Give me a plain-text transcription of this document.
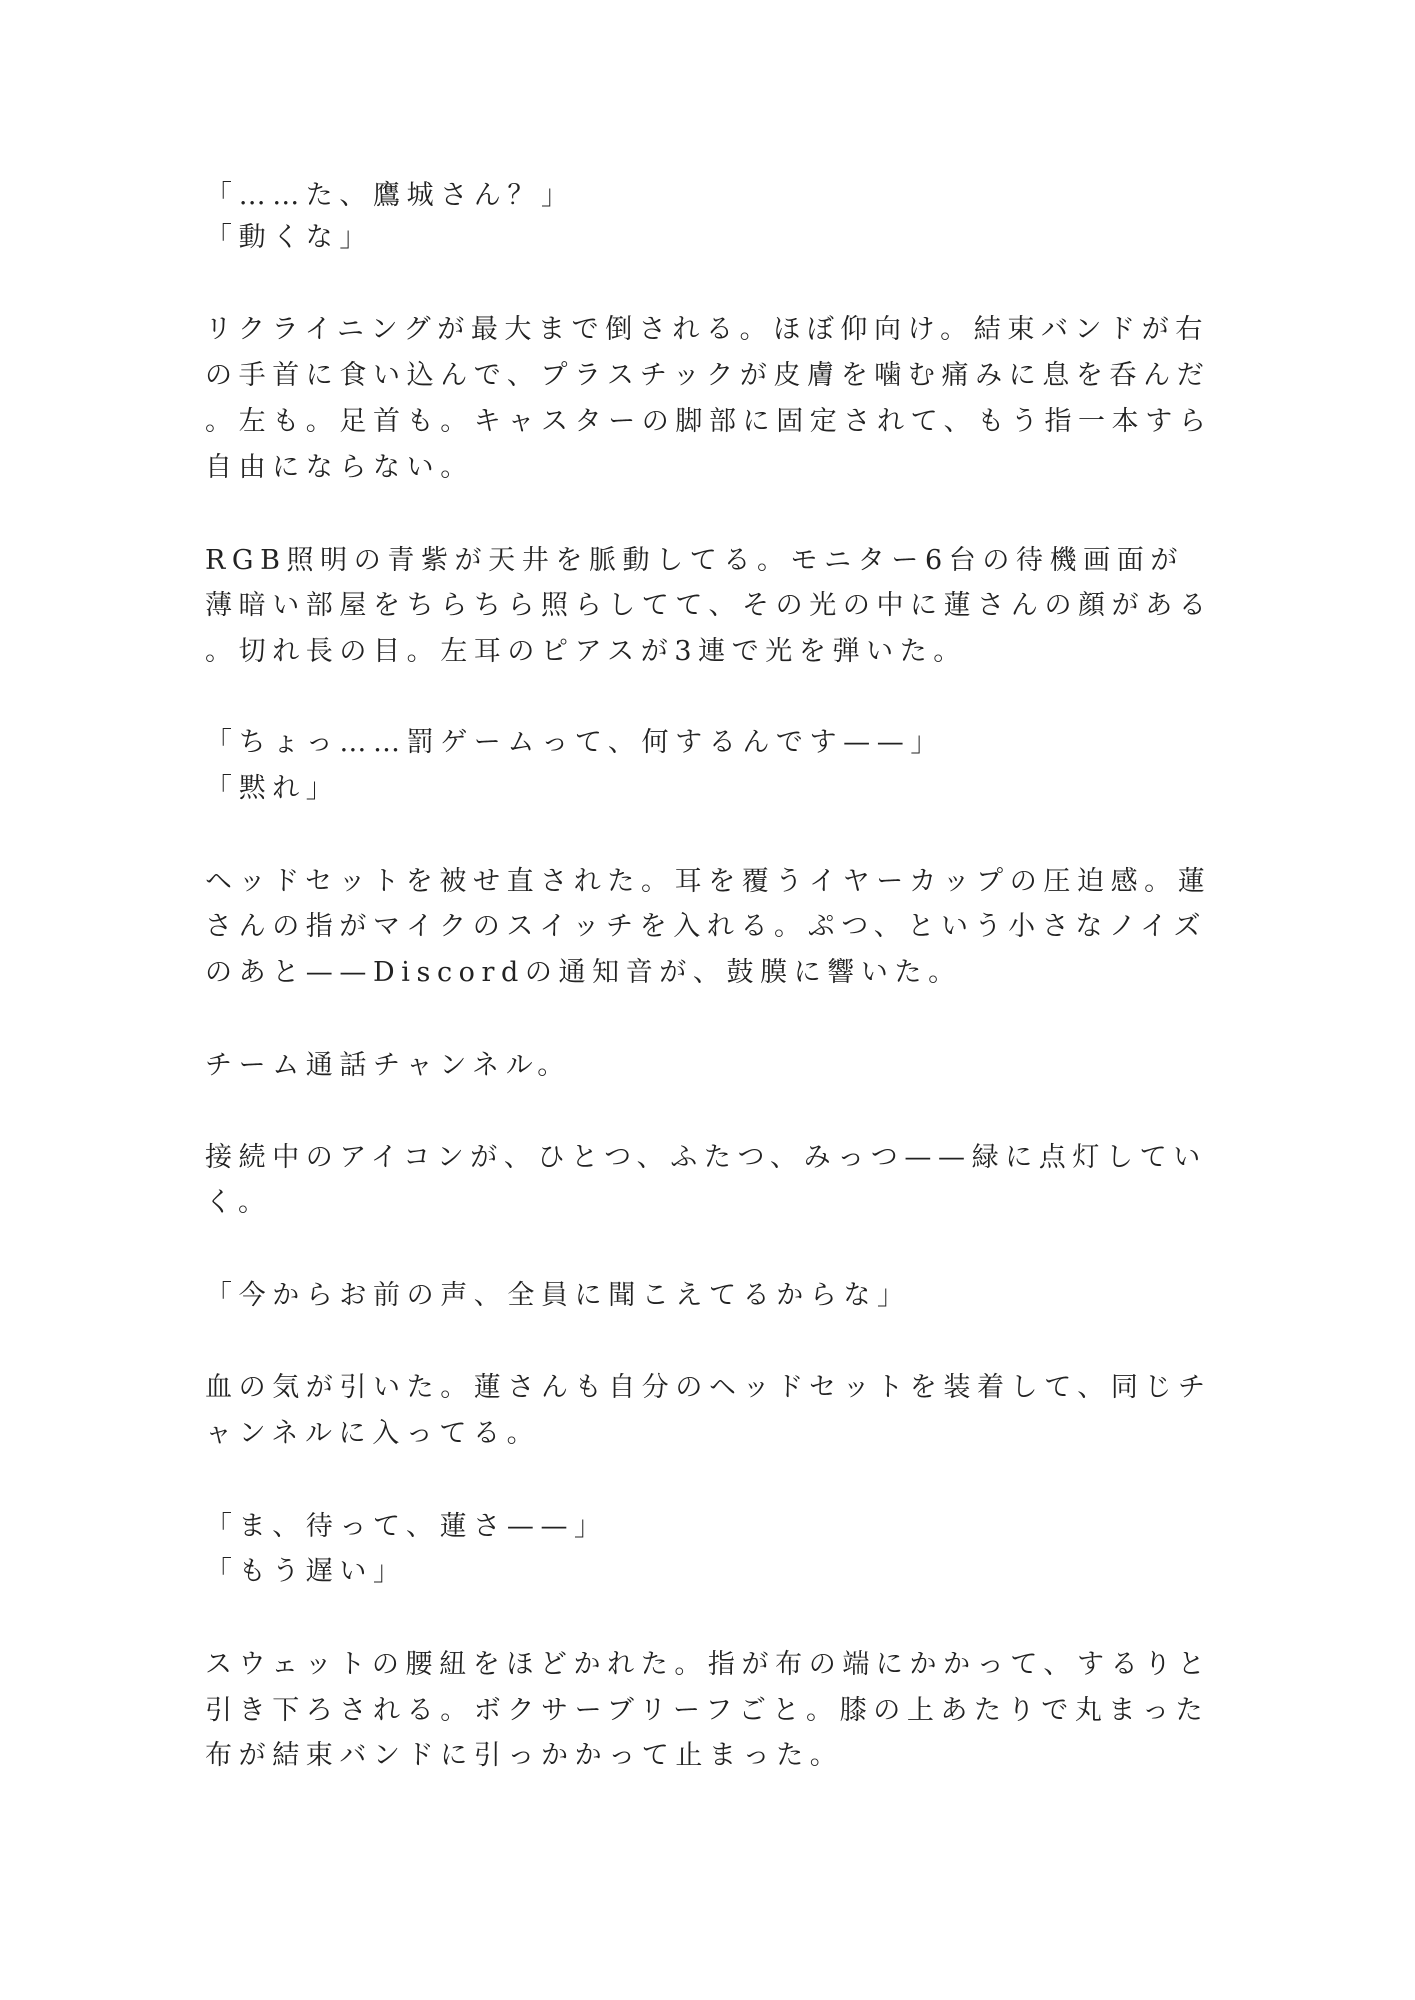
「……た、鷹城さん？」
「動くな」
リクライニングが最大まで倒される。ほぼ仰向け。結束バンドが右
の手首に食い込んで、プラスチックが皮膚を噛む痛みに息を呑んだ
。左も。足首も。キャスターの脚部に固定されて、もう指一本すら
自由にならない。
RGB照明の青紫が天井を脈動してる。モニター6台の待機画面が
薄暗い部屋をちらちら照らしてて、その光の中に蓮さんの顔がある
。切れ長の目。左耳のピアスが3連で光を弾いた。
「ちょっ……罰ゲームって、何するんです——」
「黙れ」
ヘッドセットを被せ直された。耳を覆うイヤーカップの圧迫感。蓮
さんの指がマイクのスイッチを入れる。ぷつ、という小さなノイズ
のあと——Discordの通知音が、鼓膜に響いた。
チーム通話チャンネル。
接続中のアイコンが、ひとつ、ふたつ、みっつ——緑に点灯してい
く。
「今からお前の声、全員に聞こえてるからな」
血の気が引いた。蓮さんも自分のヘッドセットを装着して、同じチ
ャンネルに入ってる。
「ま、待って、蓮さ——」
「もう遅い」
スウェットの腰紐をほどかれた。指が布の端にかかって、するりと
引き下ろされる。ボクサーブリーフごと。膝の上あたりで丸まった
布が結束バンドに引っかかって止まった。
